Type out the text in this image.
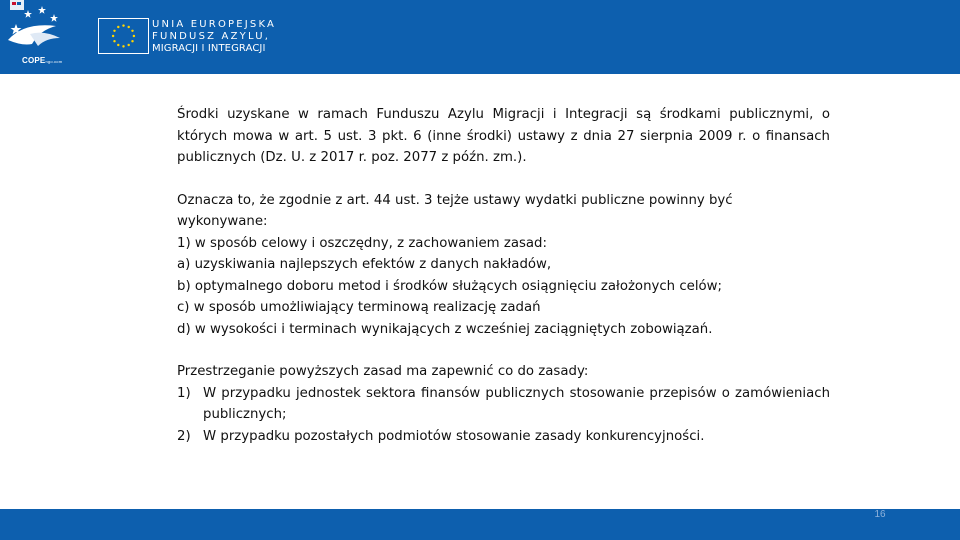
COPEngo.com
UNIA EUROPEJSKA
FUNDUSZ AZYLU,
MIGRACJI I INTEGRACJI

Środki uzyskane w ramach Funduszu Azylu Migracji i Integracji są środkami publicznymi, o których mowa w art. 5 ust. 3 pkt. 6 (inne środki) ustawy z dnia 27 sierpnia 2009 r. o finansach publicznych (Dz. U. z 2017 r. poz. 2077 z późn. zm.).

Oznacza to, że zgodnie z art. 44 ust. 3 tejże ustawy wydatki publiczne powinny być wykonywane:
1) w sposób celowy i oszczędny, z zachowaniem zasad:
a) uzyskiwania najlepszych efektów z danych nakładów,
b) optymalnego doboru metod i środków służących osiągnięciu założonych celów;
c) w sposób umożliwiający terminową realizację zadań
d) w wysokości i terminach wynikających z wcześniej zaciągniętych zobowiązań.
Przestrzeganie powyższych zasad ma zapewnić co do zasady:
1) W przypadku jednostek sektora finansów publicznych stosowanie przepisów o zamówieniach publicznych;
2) W przypadku pozostałych podmiotów stosowanie zasady konkurencyjności.
16
